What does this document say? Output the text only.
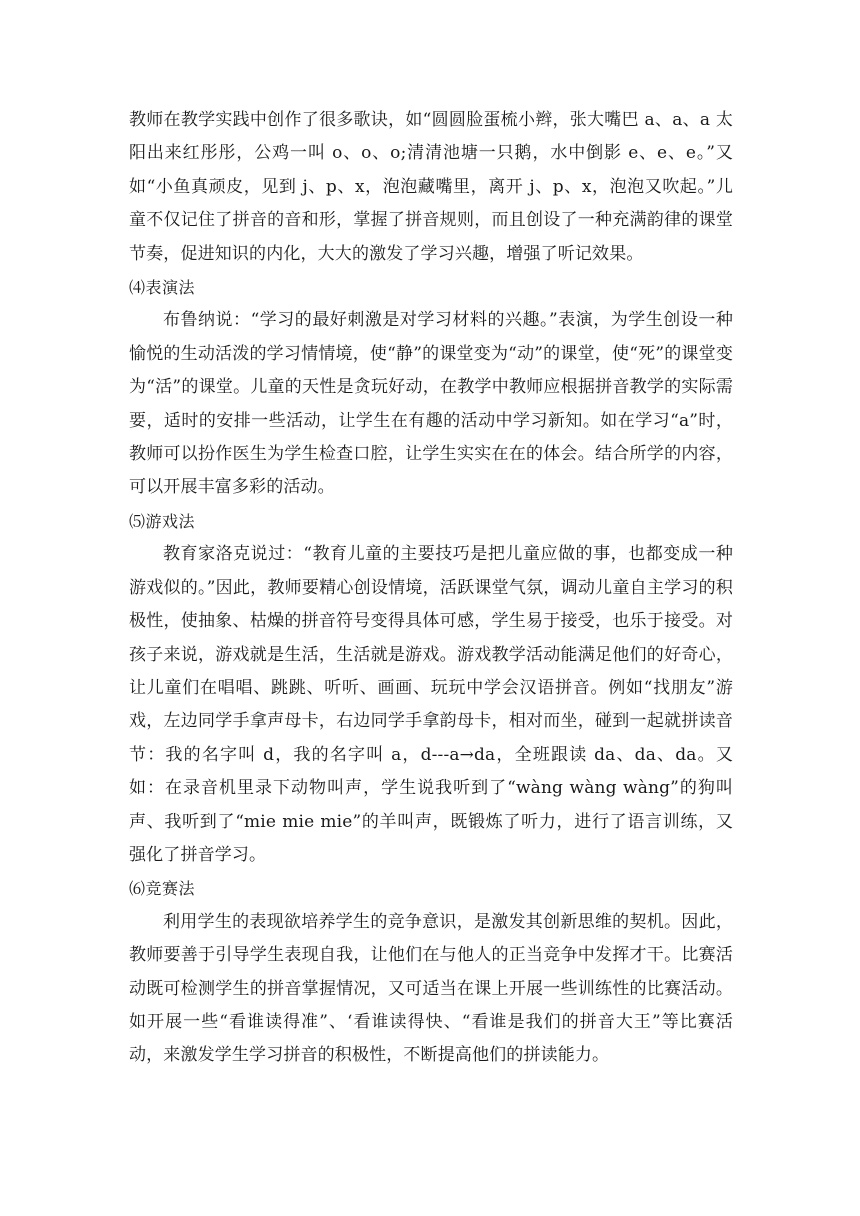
教师在教学实践中创作了很多歌诀，如“圆圆脸蛋梳小辫，张大嘴巴 a、a、a 太阳出来红彤彤，公鸡一叫 o、o、o;清清池塘一只鹅，水中倒影 e、e、e。”又如“小鱼真顽皮，见到 j、p、x，泡泡藏嘴里，离开 j、p、x，泡泡又吹起。”儿童不仅记住了拼音的音和形，掌握了拼音规则，而且创设了一种充满韵律的课堂节奏，促进知识的内化，大大的激发了学习兴趣，增强了听记效果。

⑷表演法

布鲁纳说：“学习的最好刺激是对学习材料的兴趣。”表演，为学生创设一种愉悦的生动活泼的学习情情境，使“静”的课堂变为“动”的课堂，使“死”的课堂变为“活”的课堂。儿童的天性是贪玩好动，在教学中教师应根据拼音教学的实际需要，适时的安排一些活动，让学生在有趣的活动中学习新知。如在学习“a”时，教师可以扮作医生为学生检查口腔，让学生实实在在的体会。结合所学的内容，可以开展丰富多彩的活动。

⑸游戏法

教育家洛克说过：“教育儿童的主要技巧是把儿童应做的事，也都变成一种游戏似的。”因此，教师要精心创设情境，活跃课堂气氛，调动儿童自主学习的积极性，使抽象、枯燥的拼音符号变得具体可感，学生易于接受，也乐于接受。对孩子来说，游戏就是生活，生活就是游戏。游戏教学活动能满足他们的好奇心，让儿童们在唱唱、跳跳、听听、画画、玩玩中学会汉语拼音。例如“找朋友”游戏，左边同学手拿声母卡，右边同学手拿韵母卡，相对而坐，碰到一起就拼读音节：我的名字叫 d，我的名字叫 a，d---a→da，全班跟读 da、da、da。又如：在录音机里录下动物叫声，学生说我听到了“wàng wàng wàng”的狗叫声、我听到了“mie mie mie”的羊叫声，既锻炼了听力，进行了语言训练，又强化了拼音学习。

⑹竞赛法

利用学生的表现欲培养学生的竞争意识，是激发其创新思维的契机。因此，教师要善于引导学生表现自我，让他们在与他人的正当竞争中发挥才干。比赛活动既可检测学生的拼音掌握情况，又可适当在课上开展一些训练性的比赛活动。如开展一些“看谁读得准”、‘看谁读得快、“看谁是我们的拼音大王”等比赛活动，来激发学生学习拼音的积极性，不断提高他们的拼读能力。
